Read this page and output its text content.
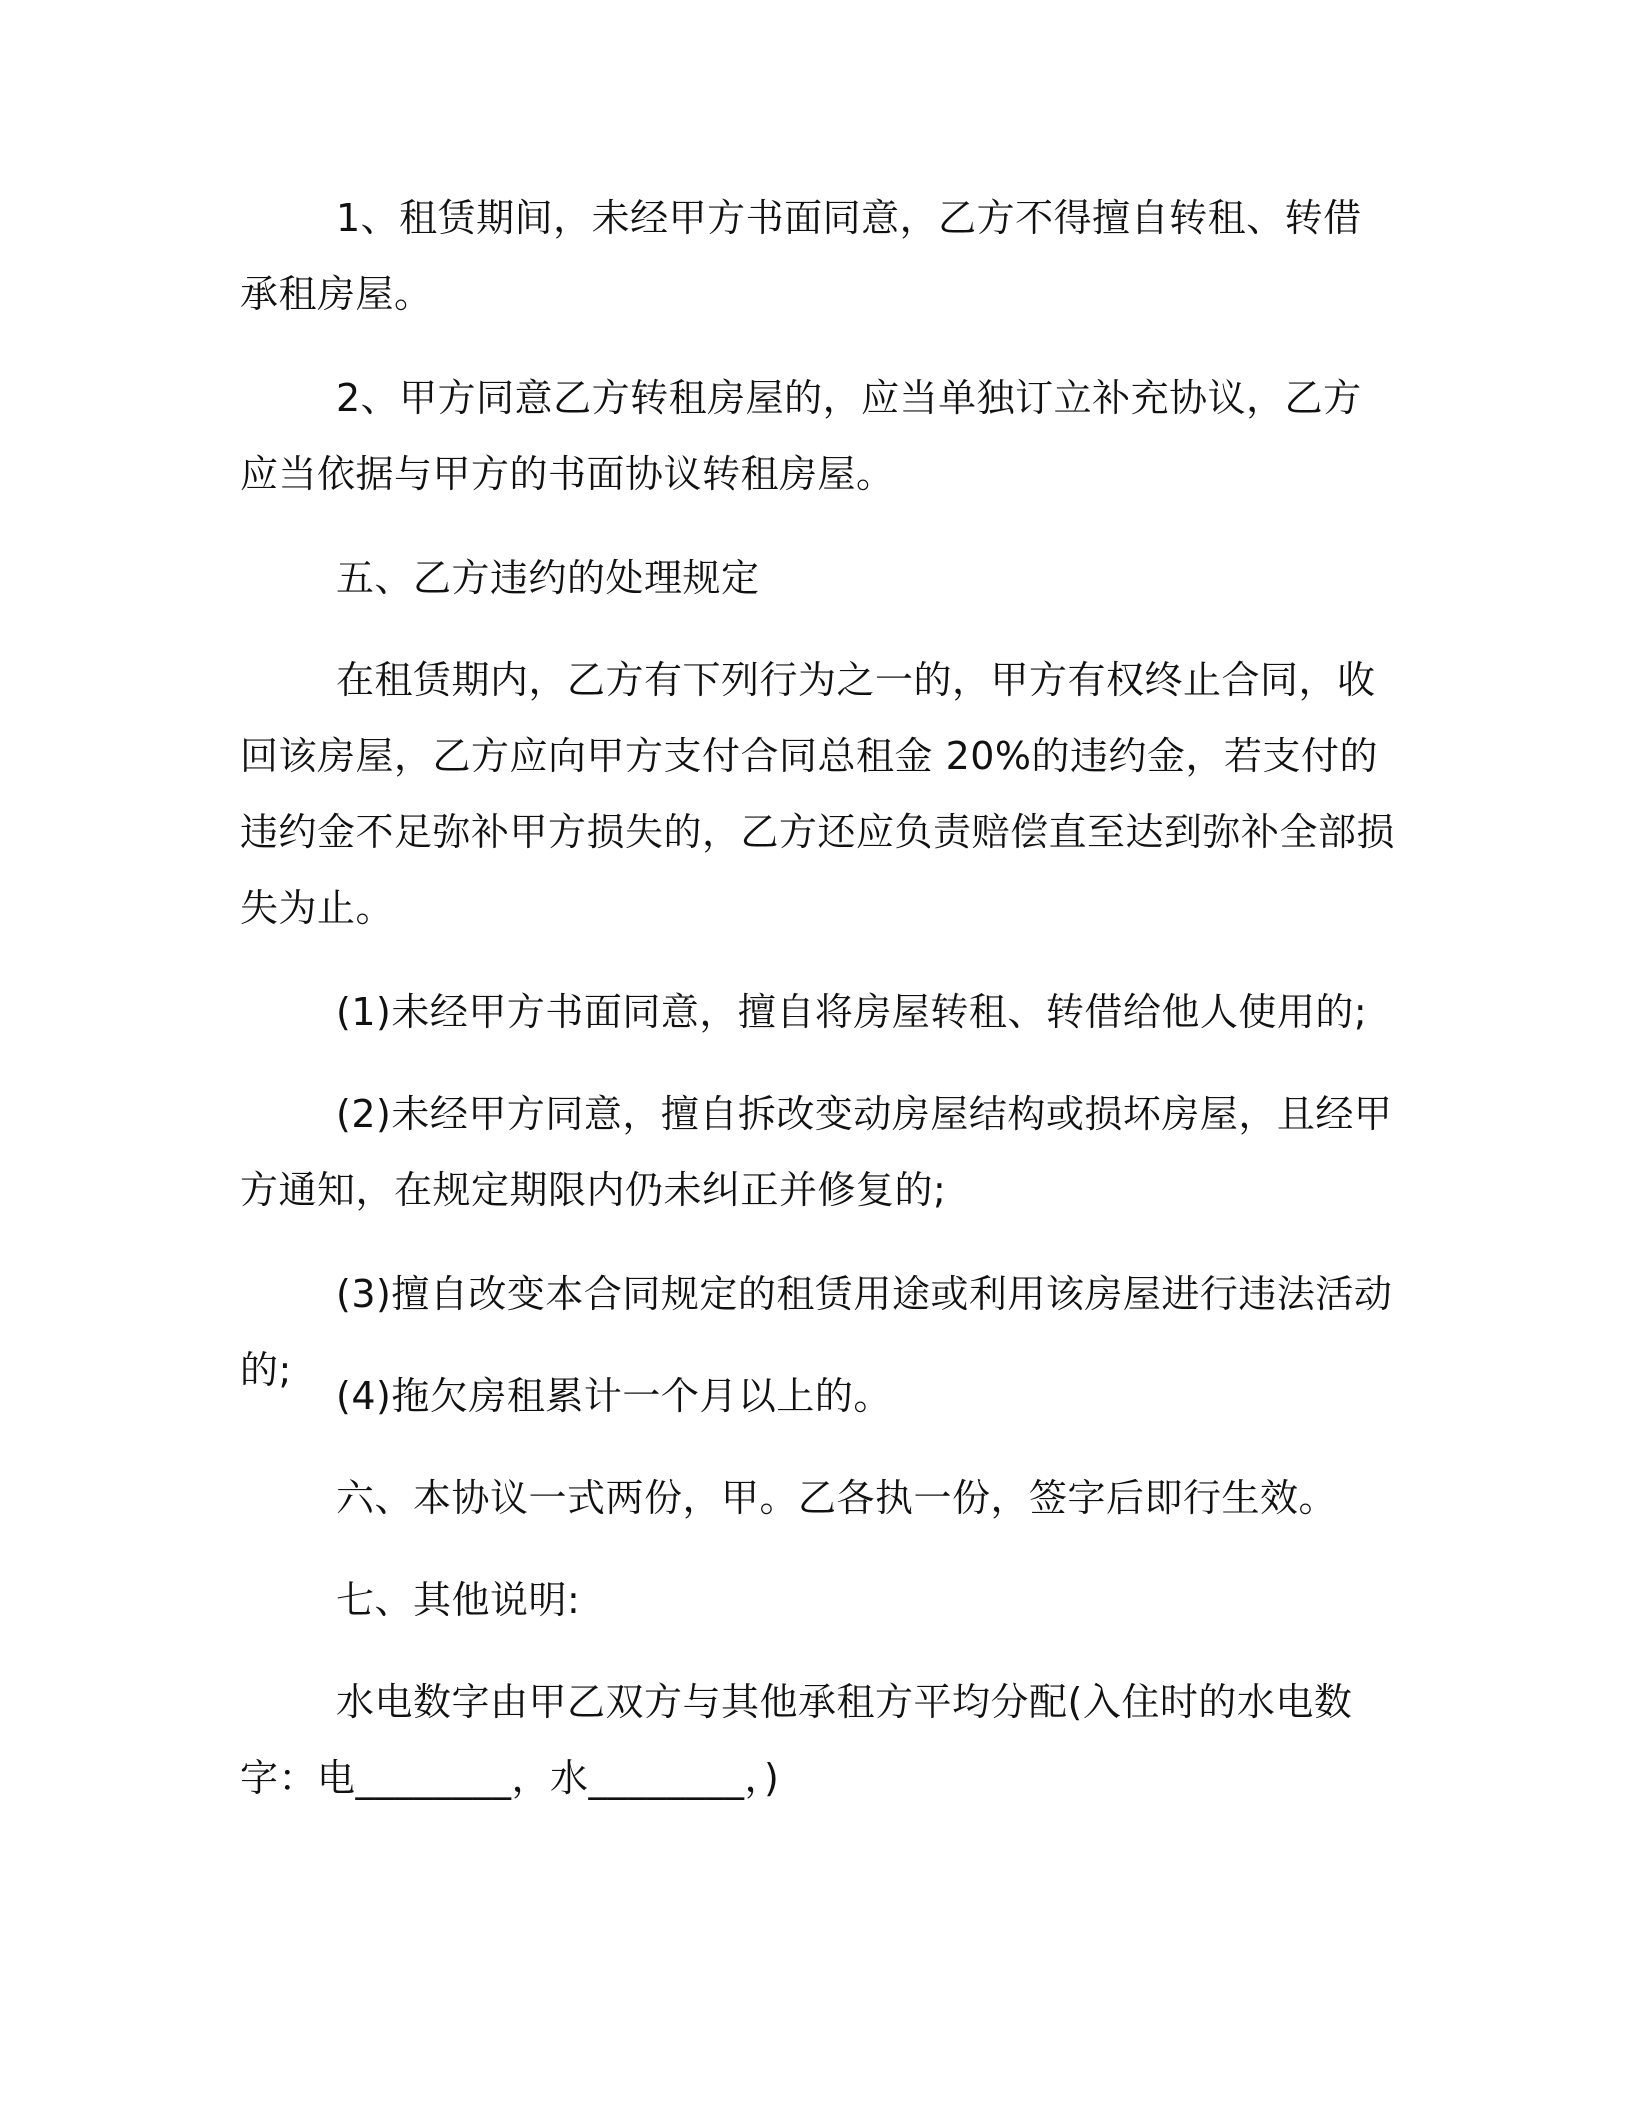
1、租赁期间，未经甲方书面同意，乙方不得擅自转租、转借承租房屋。

2、甲方同意乙方转租房屋的，应当单独订立补充协议，乙方应当依据与甲方的书面协议转租房屋。

五、乙方违约的处理规定

在租赁期内，乙方有下列行为之一的，甲方有权终止合同，收回该房屋，乙方应向甲方支付合同总租金 20%的违约金，若支付的违约金不足弥补甲方损失的，乙方还应负责赔偿直至达到弥补全部损失为止。

(1)未经甲方书面同意，擅自将房屋转租、转借给他人使用的;

(2)未经甲方同意，擅自拆改变动房屋结构或损坏房屋，且经甲方通知，在规定期限内仍未纠正并修复的;

(3)擅自改变本合同规定的租赁用途或利用该房屋进行违法活动的;

(4)拖欠房租累计一个月以上的。

六、本协议一式两份，甲。乙各执一份，签字后即行生效。

七、其他说明:

水电数字由甲乙双方与其他承租方平均分配(入住时的水电数字：电________，水________，)
